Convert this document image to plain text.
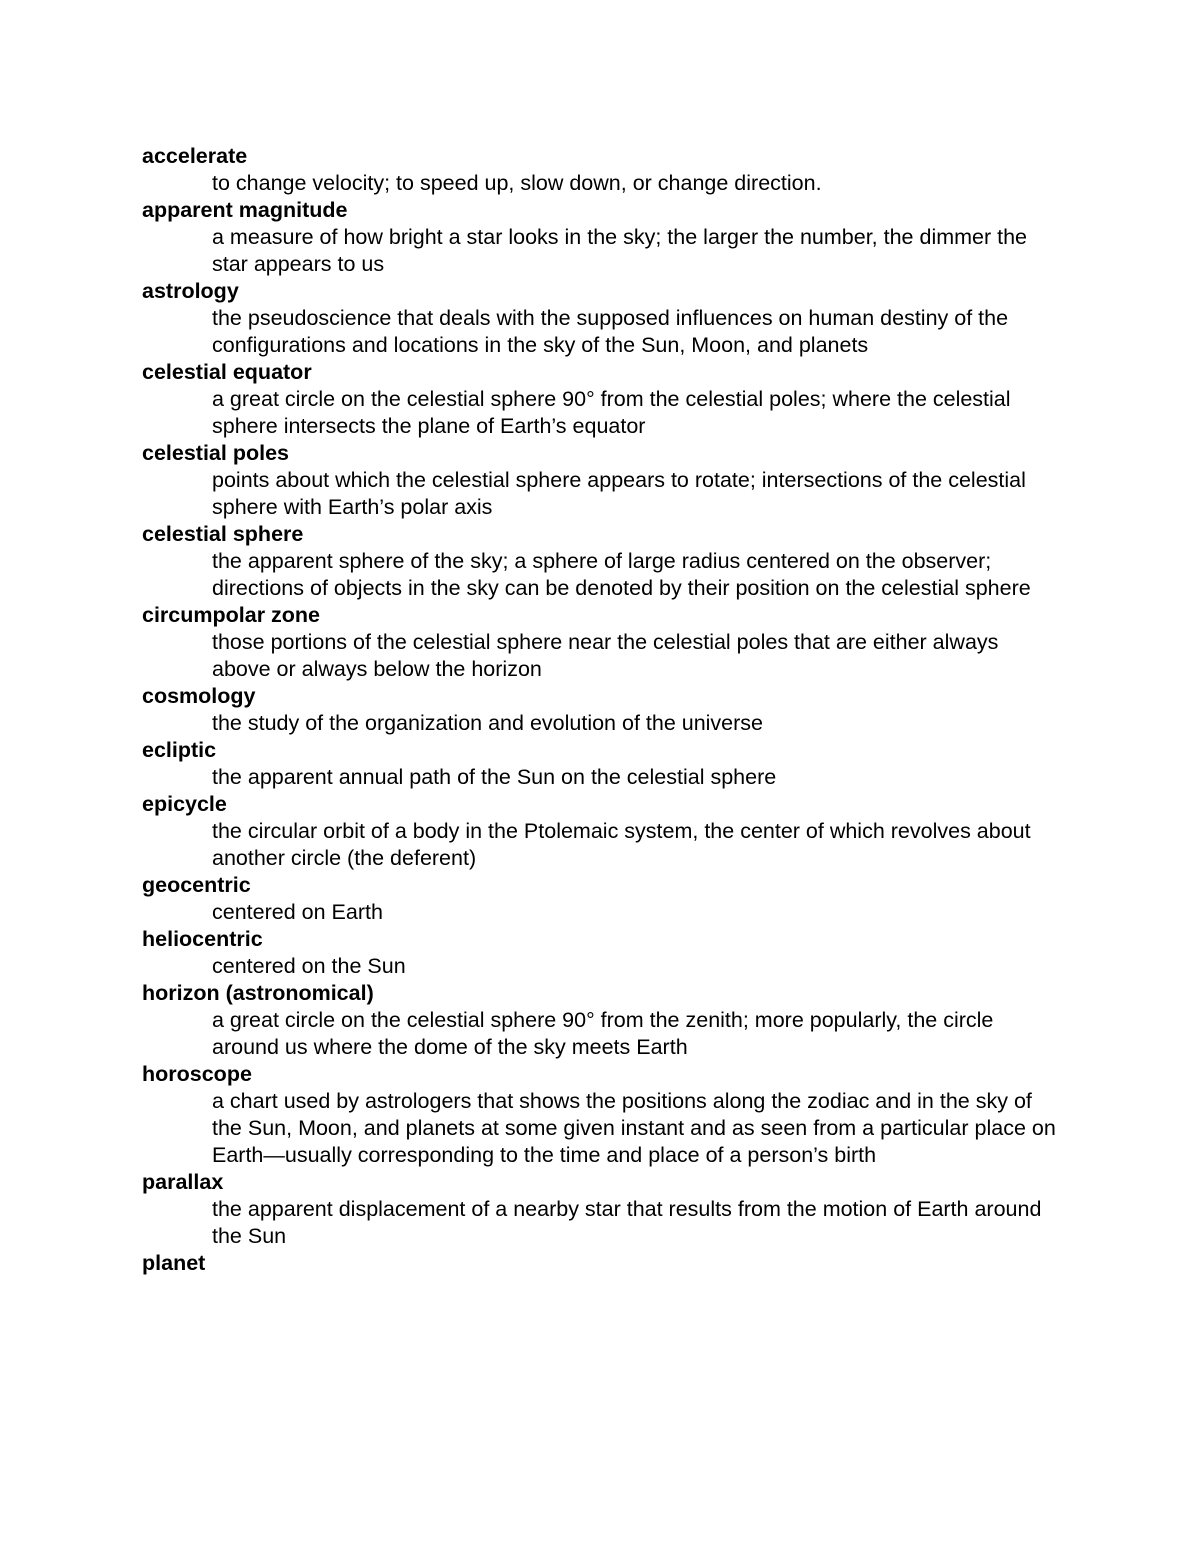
accelerate
to change velocity; to speed up, slow down, or change direction.
apparent magnitude
a measure of how bright a star looks in the sky; the larger the number, the dimmer the star appears to us
astrology
the pseudoscience that deals with the supposed influences on human destiny of the configurations and locations in the sky of the Sun, Moon, and planets
celestial equator
a great circle on the celestial sphere 90° from the celestial poles; where the celestial sphere intersects the plane of Earth’s equator
celestial poles
points about which the celestial sphere appears to rotate; intersections of the celestial sphere with Earth’s polar axis
celestial sphere
the apparent sphere of the sky; a sphere of large radius centered on the observer; directions of objects in the sky can be denoted by their position on the celestial sphere
circumpolar zone
those portions of the celestial sphere near the celestial poles that are either always above or always below the horizon
cosmology
the study of the organization and evolution of the universe
ecliptic
the apparent annual path of the Sun on the celestial sphere
epicycle
the circular orbit of a body in the Ptolemaic system, the center of which revolves about another circle (the deferent)
geocentric
centered on Earth
heliocentric
centered on the Sun
horizon (astronomical)
a great circle on the celestial sphere 90° from the zenith; more popularly, the circle around us where the dome of the sky meets Earth
horoscope
a chart used by astrologers that shows the positions along the zodiac and in the sky of the Sun, Moon, and planets at some given instant and as seen from a particular place on Earth—usually corresponding to the time and place of a person’s birth
parallax
the apparent displacement of a nearby star that results from the motion of Earth around the Sun
planet
